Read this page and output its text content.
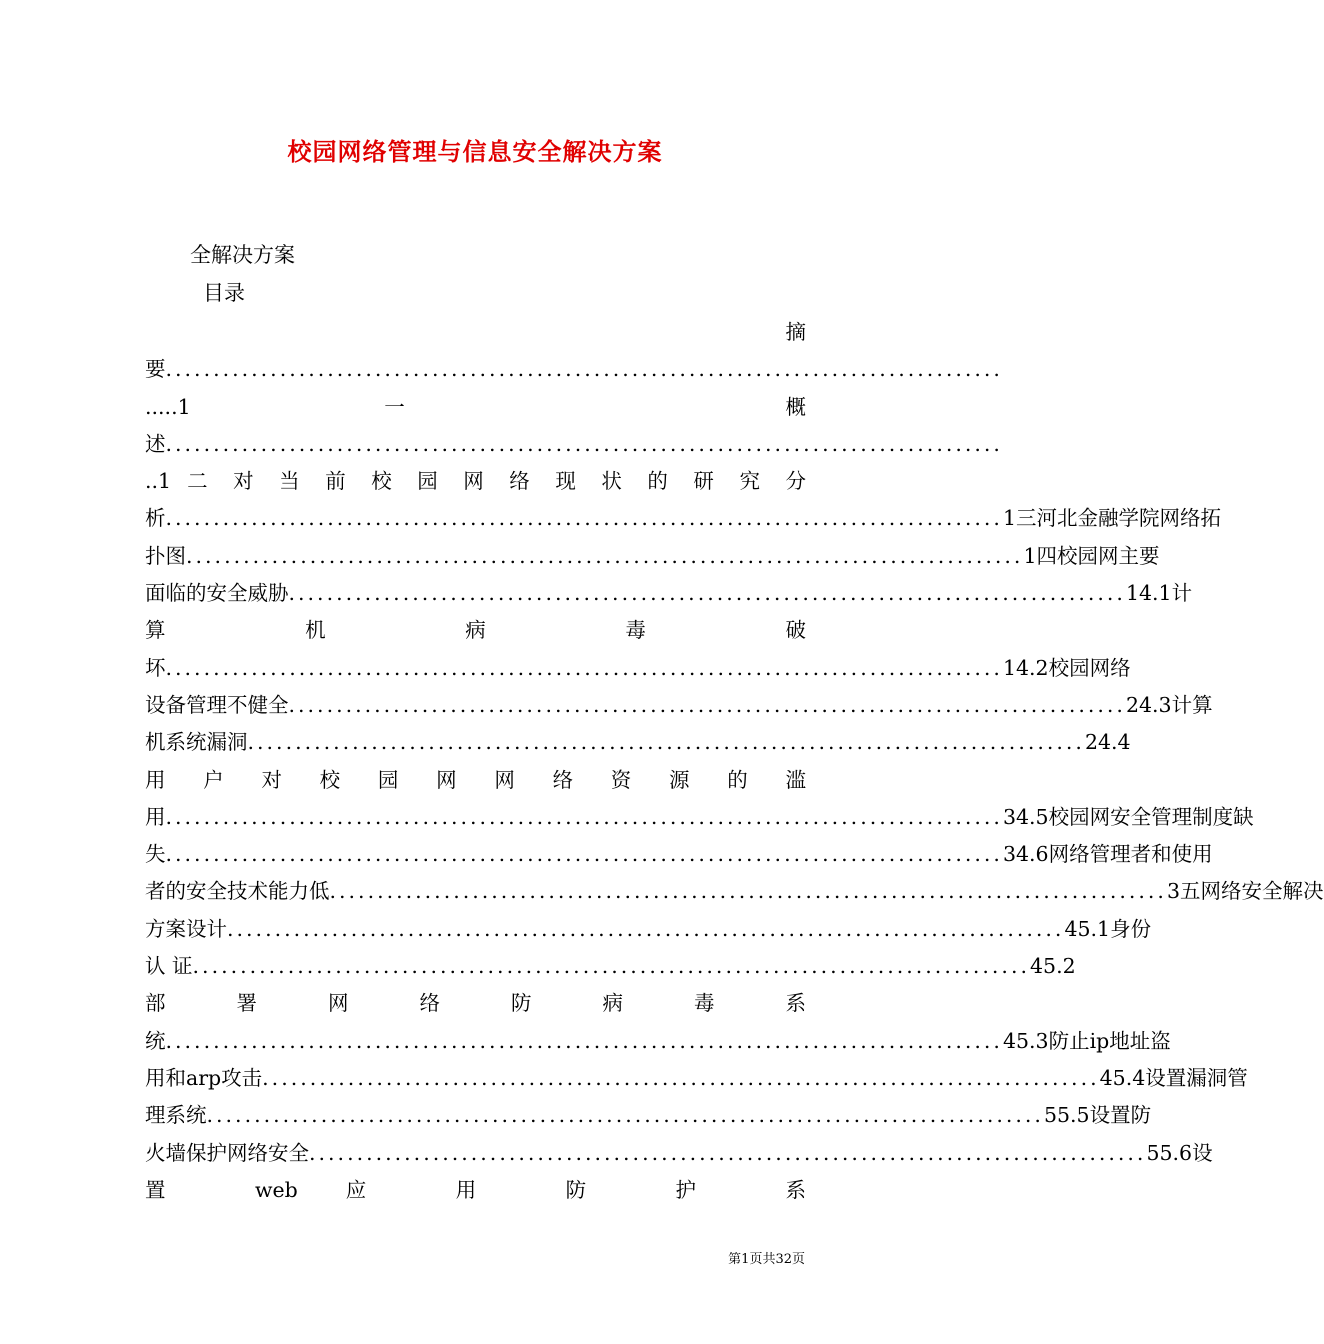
校园网络管理与信息安全解决方案
全解决方案
目录
摘
要 ........................................................................................
.....1 一 概
述 ........................................................................................
..1 二 对 当 前 校 园 网 络 现 状 的 研 究 分
析 ........................................................................................ 1三河北金融学院网络拓
扑图 ........................................................................................ 1四校园网主要
面临的安全威胁 ........................................................................................ 14.1计
算 机 病 毒 破
坏 ........................................................................................ 14.2校园网络
设备管理不健全 ........................................................................................ 24.3计算
机系统漏洞 ........................................................................................ 24.4
用 户 对 校 园 网 网 络 资 源 的 滥
用 ........................................................................................ 34.5校园网安全管理制度缺
失 ........................................................................................ 34.6网络管理者和使用
者的安全技术能力低 ........................................................................................ 3五网络安全解决
方案设计 ........................................................................................ 45.1身份
认 证 ........................................................................................ 45.2
部 署 网 络 防 病 毒 系
统 ........................................................................................ 45.3防止ip地址盗
用和arp攻击 ........................................................................................ 45.4设置漏洞管
理系统 ........................................................................................ 55.5设置防
火墙保护网络安全 ........................................................................................ 55.6设
置 web 应 用 防 护 系
第1页共32页
